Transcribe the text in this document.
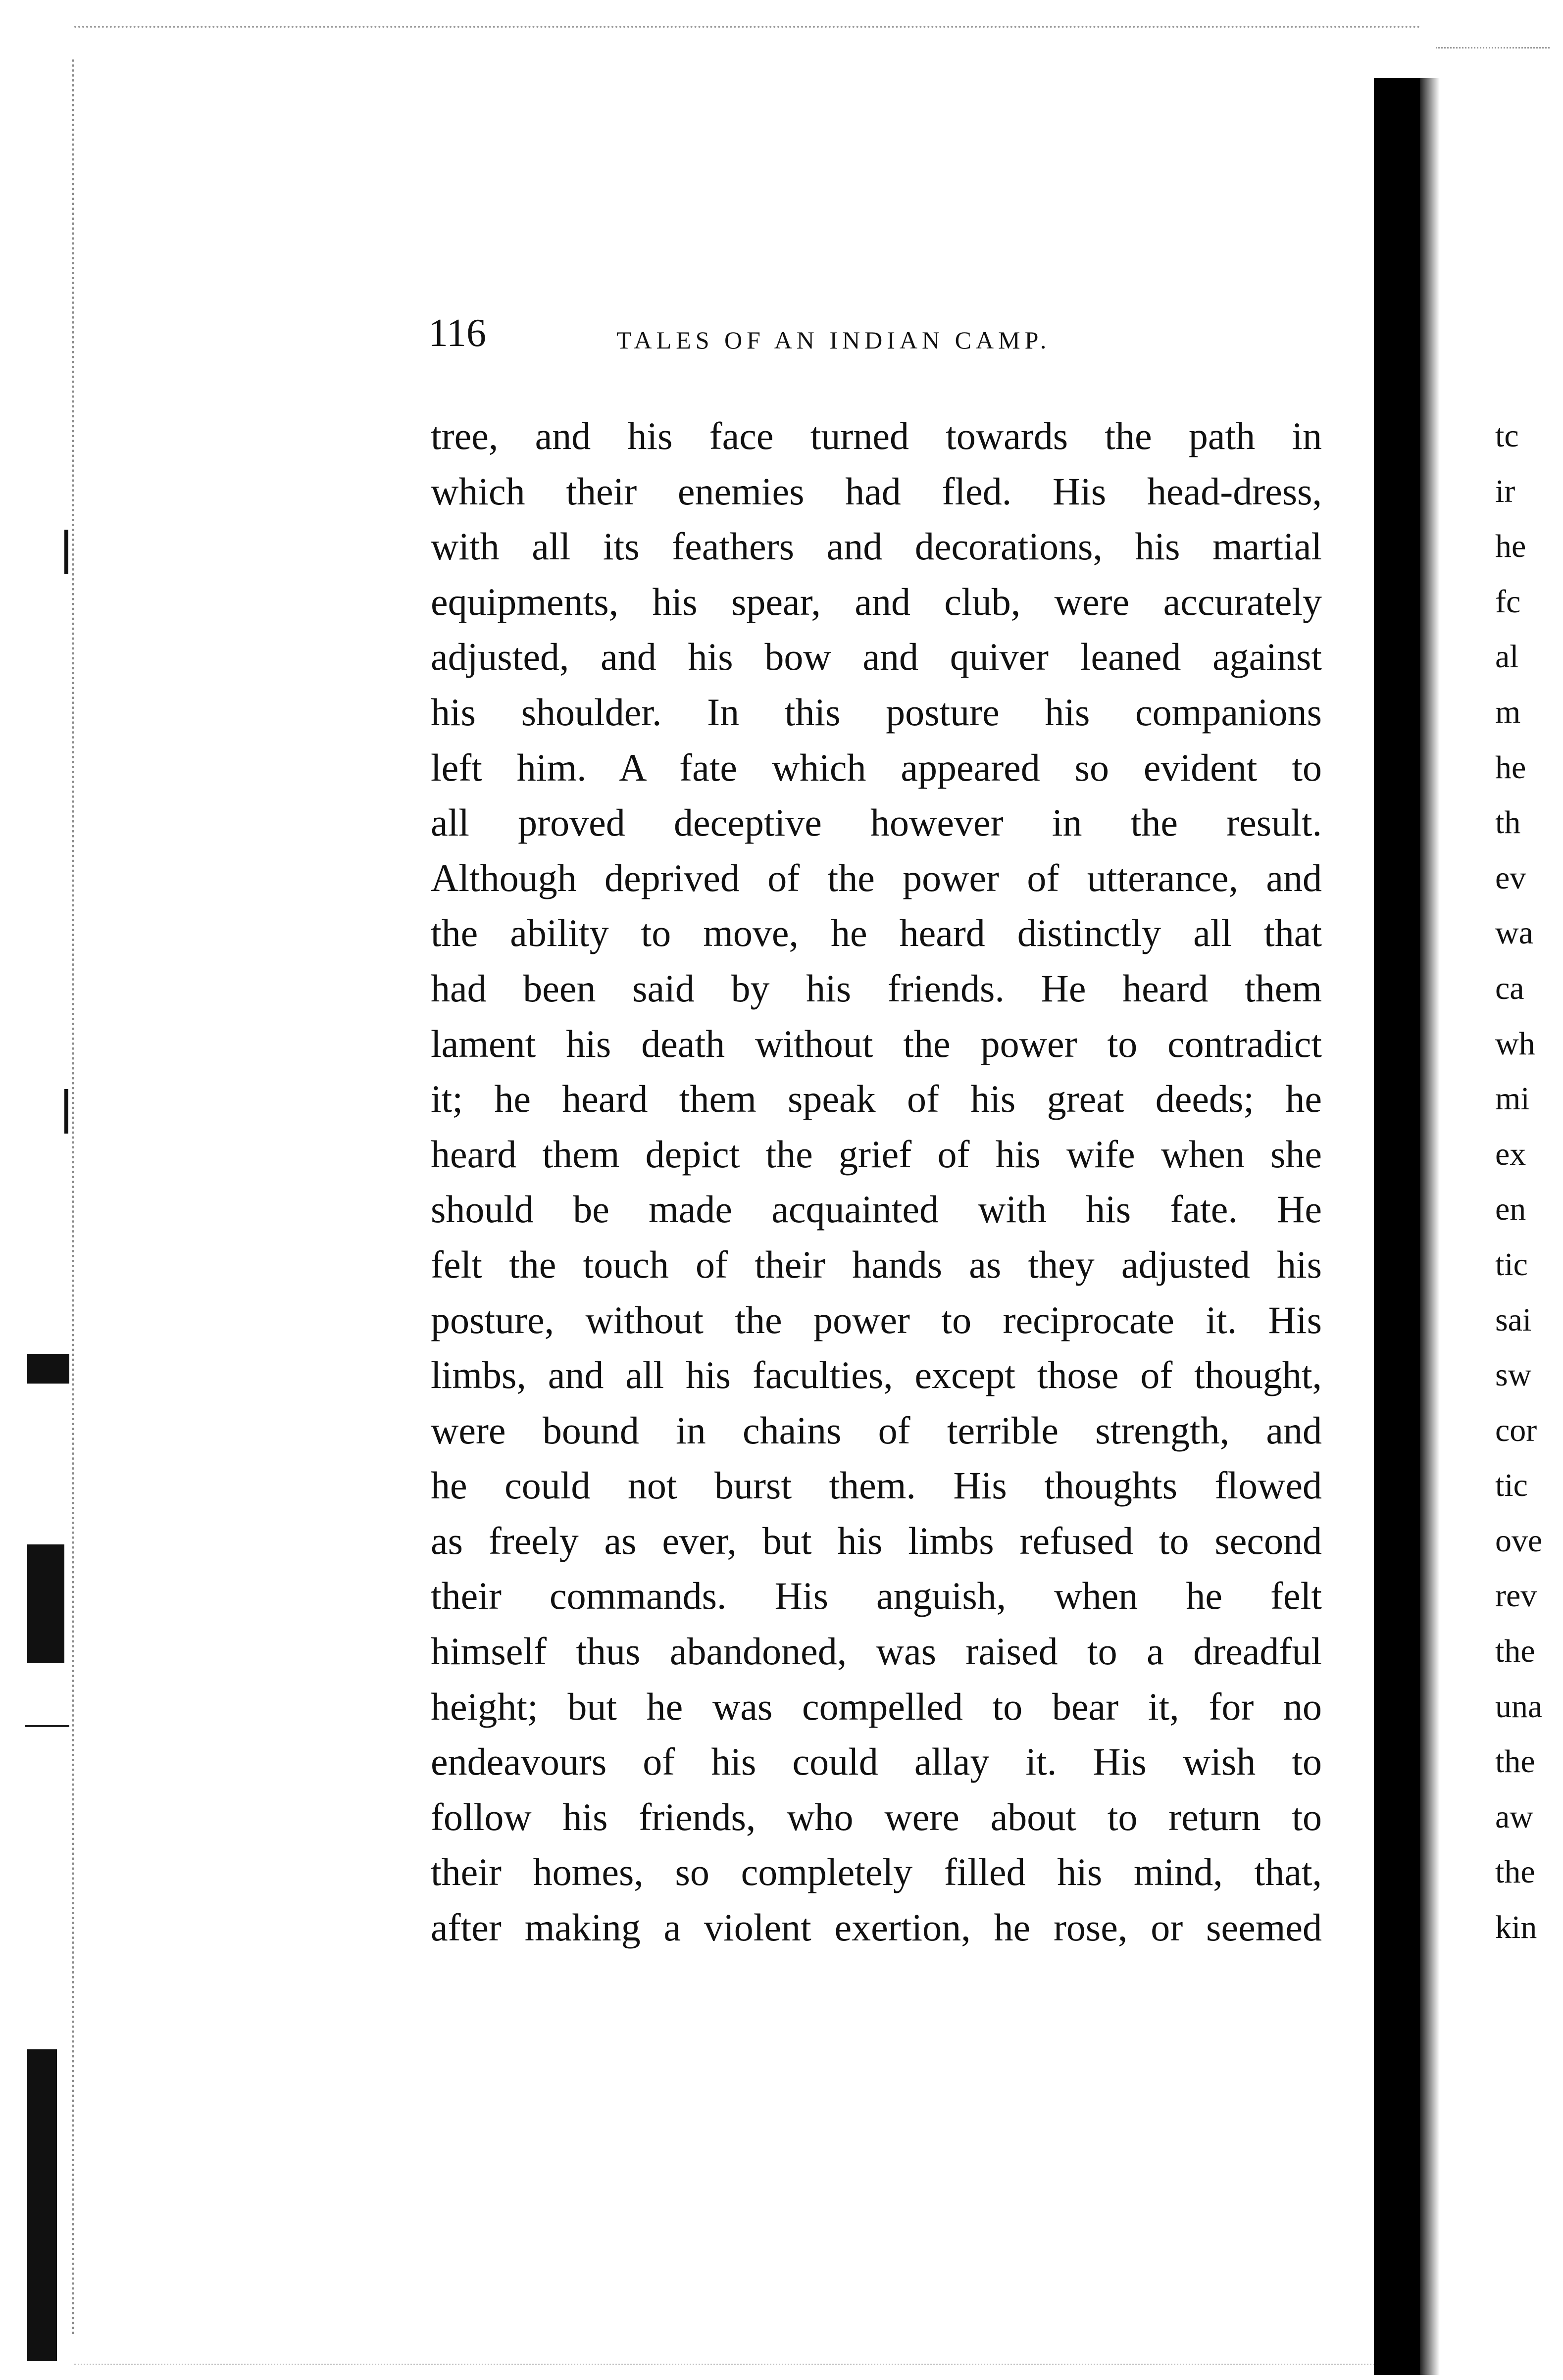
116	TALES OF AN INDIAN CAMP.
tree, and his face turned towards the path in
which their enemies had fled. His head-dress,
with all its feathers and decorations, his martial
equipments, his spear, and club, were accurately
adjusted, and his bow and quiver leaned against
his shoulder. In this posture his companions
left him. A fate which appeared so evident to
all proved deceptive however in the result.
Although deprived of the power of utterance, and
the ability to move, he heard distinctly all that
had been said by his friends. He heard them
lament his death without the power to contradict
it; he heard them speak of his great deeds; he
heard them depict the grief of his wife when she
should be made acquainted with his fate. He
felt the touch of their hands as they adjusted his
posture, without the power to reciprocate it. His
limbs, and all his faculties, except those of thought,
were bound in chains of terrible strength, and
he could not burst them. His thoughts flowed
as freely as ever, but his limbs refused to second
their commands. His anguish, when he felt
himself thus abandoned, was raised to a dreadful
height; but he was compelled to bear it, for no
endeavours of his could allay it. His wish to
follow his friends, who were about to return to
their homes, so completely filled his mind, that,
after making a violent exertion, he rose, or seemed
tc
ir
he
fc
al
m
he
th
ev
wa
ca
wh
mi
ex
en
tic
sai
sw
cor
tic
ove
rev
the
una
the
aw
the
kin
